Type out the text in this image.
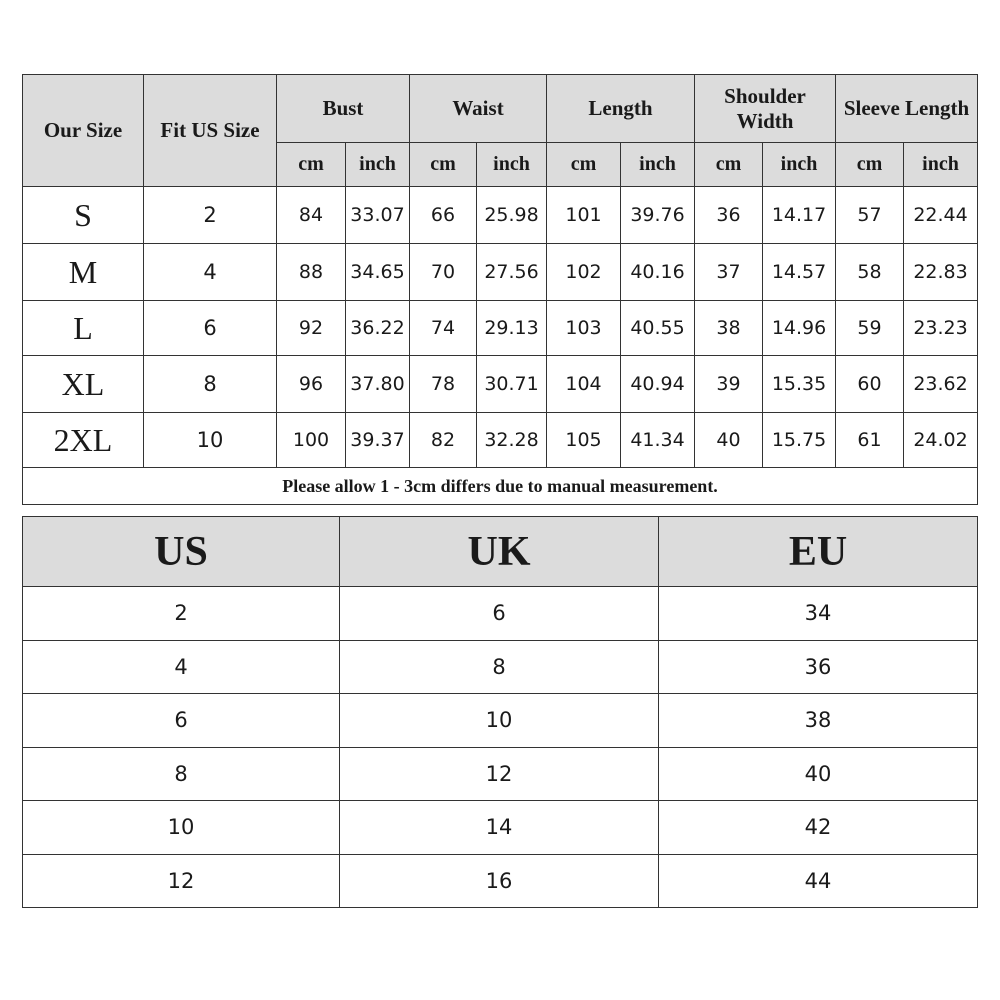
Our Size	Fit US Size	Bust		Waist		Length		Shoulder Width		Sleeve Length	
		cm	inch	cm	inch	cm	inch	cm	inch	cm	inch
S	2	84	33.07	66	25.98	101	39.76	36	14.17	57	22.44
M	4	88	34.65	70	27.56	102	40.16	37	14.57	58	22.83
L	6	92	36.22	74	29.13	103	40.55	38	14.96	59	23.23
XL	8	96	37.80	78	30.71	104	40.94	39	15.35	60	23.62
2XL	10	100	39.37	82	32.28	105	41.34	40	15.75	61	24.02
Please allow 1 - 3cm differs due to manual measurement.											
US	UK	EU
2	6	34
4	8	36
6	10	38
8	12	40
10	14	42
12	16	44
